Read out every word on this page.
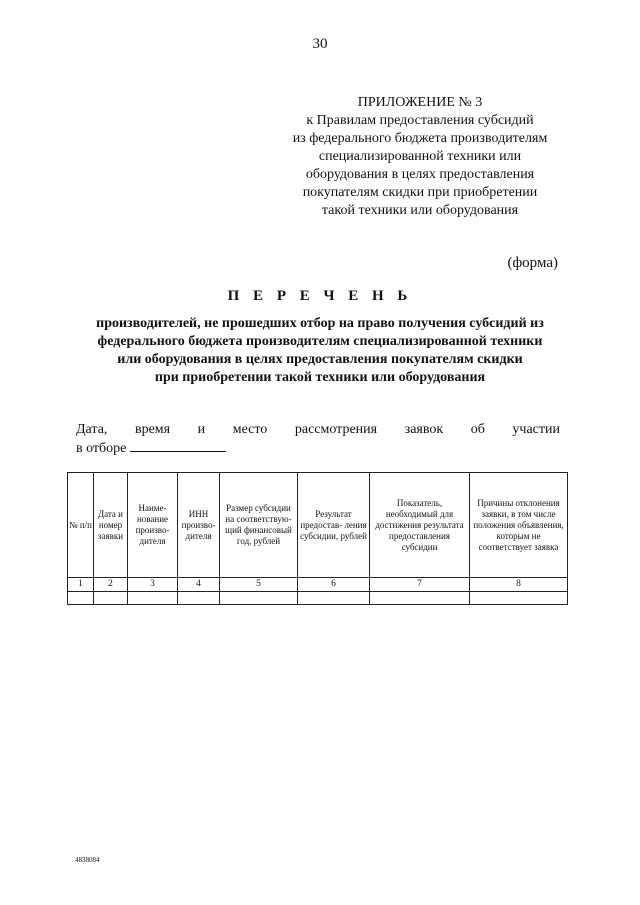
30
ПРИЛОЖЕНИЕ № 3
к Правилам предоставления субсидий
из федерального бюджета производителям
специализированной техники или
оборудования в целях предоставления
покупателям скидки при приобретении
такой техники или оборудования
(форма)
П Е Р Е Ч Е Н Ь
производителей, не прошедших отбор на право получения субсидий из
федерального бюджета производителям специализированной техники
или оборудования в целях предоставления покупателям скидки
при приобретении такой техники или оборудования
Дата, время и место рассмотрения заявок об участии
в отборе
№ п/п	Дата и номер заявки	Наиме- нование произво- дителя	ИНН произво- дителя	Размер субсидии на соответствую- щий финансовый год, рублей	Результат предостав- ления субсидии, рублей	Показатель, необходимый для достижения результата предоставления субсидии	Причины отклонения заявки, в том числе положения объявления, которым не соответствует заявка
1	2	3	4	5	6	7	8

4838084
